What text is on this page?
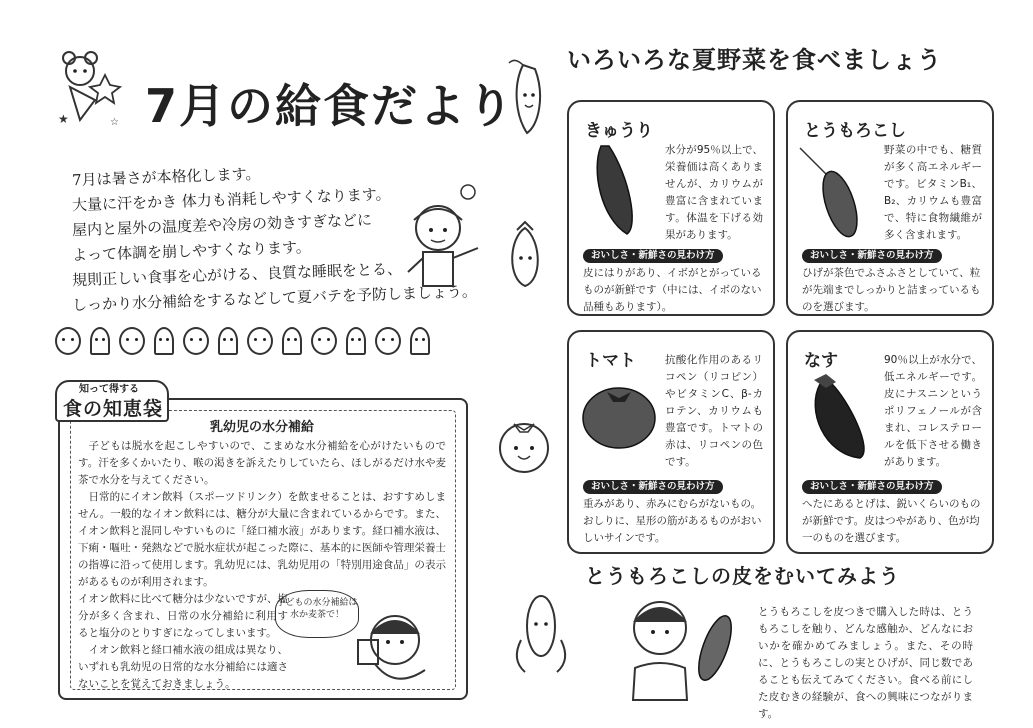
★	☆ 7月の給食だより
7月は暑さが本格化します。
大量に汗をかき 体力も消耗しやすくなります。
屋内と屋外の温度差や冷房の効きすぎなどに
よって体調を崩しやすくなります。
規則正しい食事を心がける、良質な睡眠をとる、
しっかり水分補給をするなどして夏バテを予防しましょう。
知って得する
食の知恵袋
乳幼児の水分補給

子どもは脱水を起こしやすいので、こまめな水分補給を心がけたいものです。汗を多くかいたり、喉の渇きを訴えたりしていたら、ほしがるだけ水や麦茶で水分を与えてください。

日常的にイオン飲料（スポーツドリンク）を飲ませることは、おすすめしません。一般的なイオン飲料には、糖分が大量に含まれているからです。また、イオン飲料と混同しやすいものに「経口補水液」があります。経口補水液は、下痢・嘔吐・発熱などで脱水症状が起こった際に、基本的に医師や管理栄養士の指導に沿って使用します。乳幼児には、乳幼児用の「特別用途食品」の表示があるものが利用されます。

イオン飲料に比べて糖分は少ないですが、塩分が多く含まれ、日常の水分補給に利用すると塩分のとりすぎになってしまいます。

イオン飲料と経口補水液の組成は異なり、いずれも乳幼児の日常的な水分補給には適さないことを覚えておきましょう。

子どもの水分補給は水か麦茶で！
いろいろな夏野菜を食べましょう
きゅうり
水分が95％以上で、栄養価は高くありませんが、カリウムが豊富に含まれています。体温を下げる効果があります。
おいしさ・新鮮さの見わけ方
皮にはりがあり、イボがとがっているものが新鮮です（中には、イボのない品種もあります）。
とうもろこし
野菜の中でも、糖質が多く高エネルギーです。ビタミンB₁、B₂、カリウムも豊富で、特に食物繊維が多く含まれます。
おいしさ・新鮮さの見わけ方
ひげが茶色でふさふさとしていて、粒が先端までしっかりと詰まっているものを選びます。
トマト	抗酸化作用のあるリコペン（リコピン）やビタミンC、β-カロテン、カリウムも豊富です。トマトの赤は、リコペンの色です。
おいしさ・新鮮さの見わけ方
重みがあり、赤みにむらがないもの。おしりに、星形の筋があるものがおいしいサインです。
なす	90％以上が水分で、低エネルギーです。皮にナスニンというポリフェノールが含まれ、コレステロールを低下させる働きがあります。
おいしさ・新鮮さの見わけ方
へたにあるとげは、鋭いくらいのものが新鮮です。皮はつやがあり、色が均一のものを選びます。
とうもろこしの皮をむいてみよう
とうもろこしを皮つきで購入した時は、とうもろこしを触り、どんな感触か、どんなにおいかを確かめてみましょう。また、その時に、とうもろこしの実とひげが、同じ数であることも伝えてみてください。食べる前にした皮むきの経験が、食への興味につながります。
